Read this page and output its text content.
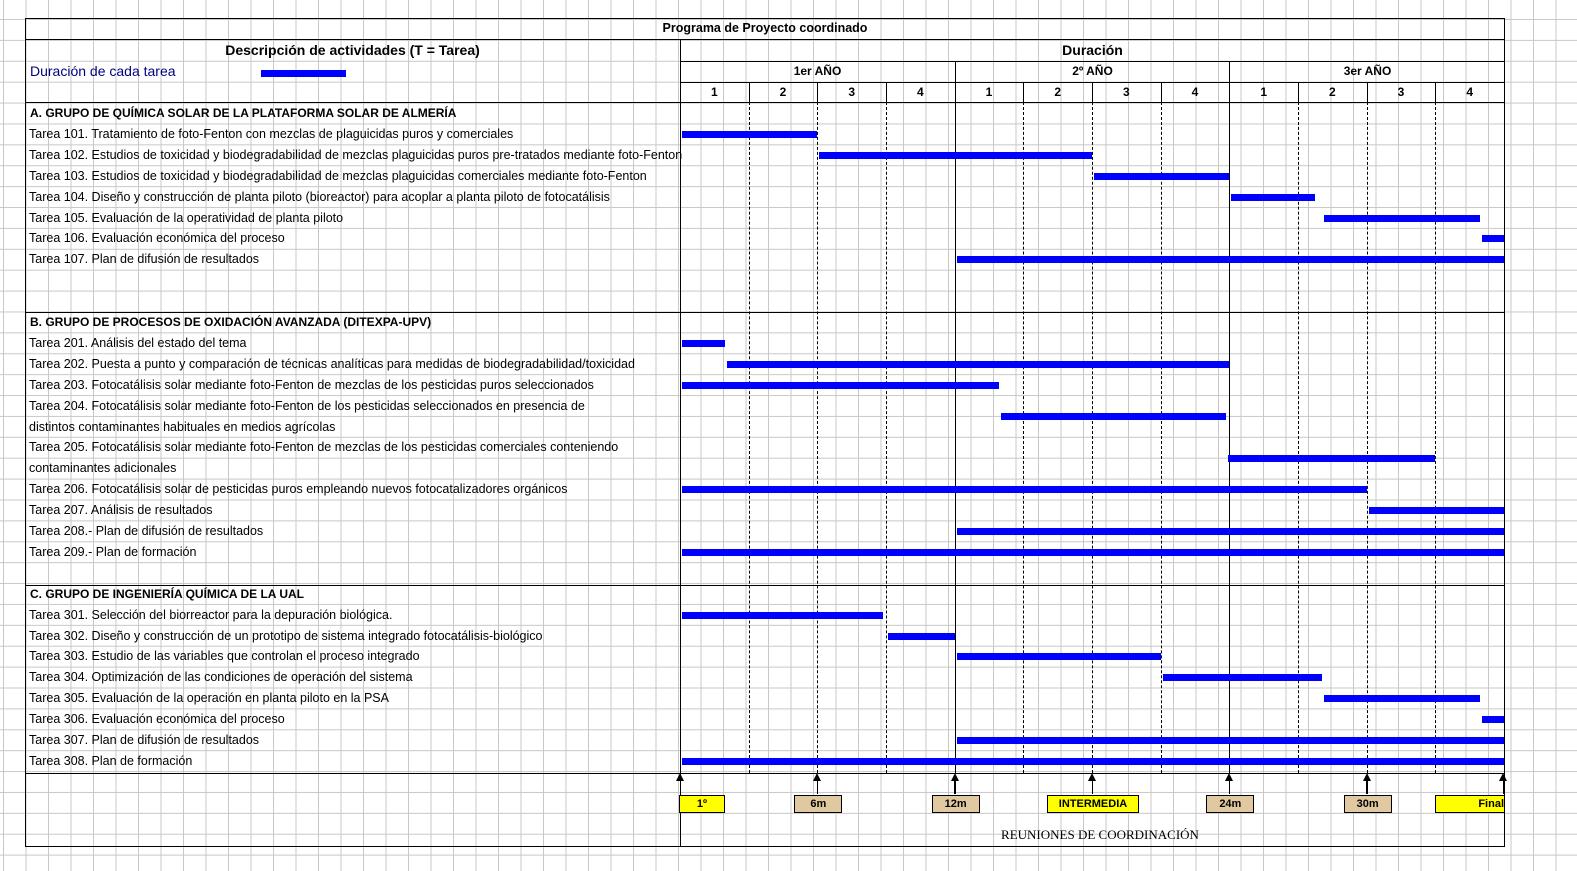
Programa de Proyecto coordinado
Descripción de actividades (T = Tarea)	Duración
Duración de cada tarea	1er AÑO	2º AÑO	3er AÑO
1	2	3	4	1	2	3	4	1	2	3	4
A. GRUPO DE QUÍMICA SOLAR DE LA PLATAFORMA SOLAR DE ALMERÍA
Tarea 101. Tratamiento de foto-Fenton con mezclas de plaguicidas puros y comerciales
Tarea 102. Estudios de toxicidad y biodegradabilidad de mezclas plaguicidas puros pre-tratados mediante foto-Fenton
Tarea 103. Estudios de toxicidad y biodegradabilidad de mezclas plaguicidas comerciales mediante foto-Fenton
Tarea 104. Diseño y construcción de planta piloto (bioreactor) para acoplar a planta piloto de fotocatálisis
Tarea 105. Evaluación de la operatividad de planta piloto
Tarea 106. Evaluación económica del proceso
Tarea 107. Plan de difusión de resultados
B. GRUPO DE PROCESOS DE OXIDACIÓN AVANZADA (DITEXPA-UPV)
Tarea 201. Análisis del estado del tema
Tarea 202. Puesta a punto y comparación de técnicas analíticas para medidas de biodegradabilidad/toxicidad
Tarea 203. Fotocatálisis solar mediante foto-Fenton de mezclas de los pesticidas puros seleccionados
Tarea 204. Fotocatálisis solar mediante foto-Fenton de los pesticidas seleccionados en presencia de
distintos contaminantes habituales en medios agrícolas
Tarea 205. Fotocatálisis solar mediante foto-Fenton de mezclas de los pesticidas comerciales conteniendo
contaminantes adicionales
Tarea 206. Fotocatálisis solar de pesticidas puros empleando nuevos fotocatalizadores orgánicos
Tarea 207. Análisis de resultados
Tarea 208.- Plan de difusión de resultados
Tarea 209.- Plan de formación
C. GRUPO DE INGENIERÍA QUÍMICA DE LA UAL
Tarea 301. Selección del biorreactor para la depuración biológica.
Tarea 302. Diseño y construcción de un prototipo de sistema integrado fotocatálisis-biológico
Tarea 303. Estudio de las variables que controlan el proceso integrado
Tarea 304. Optimización de las condiciones de operación del sistema
Tarea 305. Evaluación de la operación en planta piloto en la PSA
Tarea 306. Evaluación económica del proceso
Tarea 307. Plan de difusión de resultados
Tarea 308. Plan de formación
1º	6m	12m	INTERMEDIA	24m	30m	Final
REUNIONES DE COORDINACIÓN
